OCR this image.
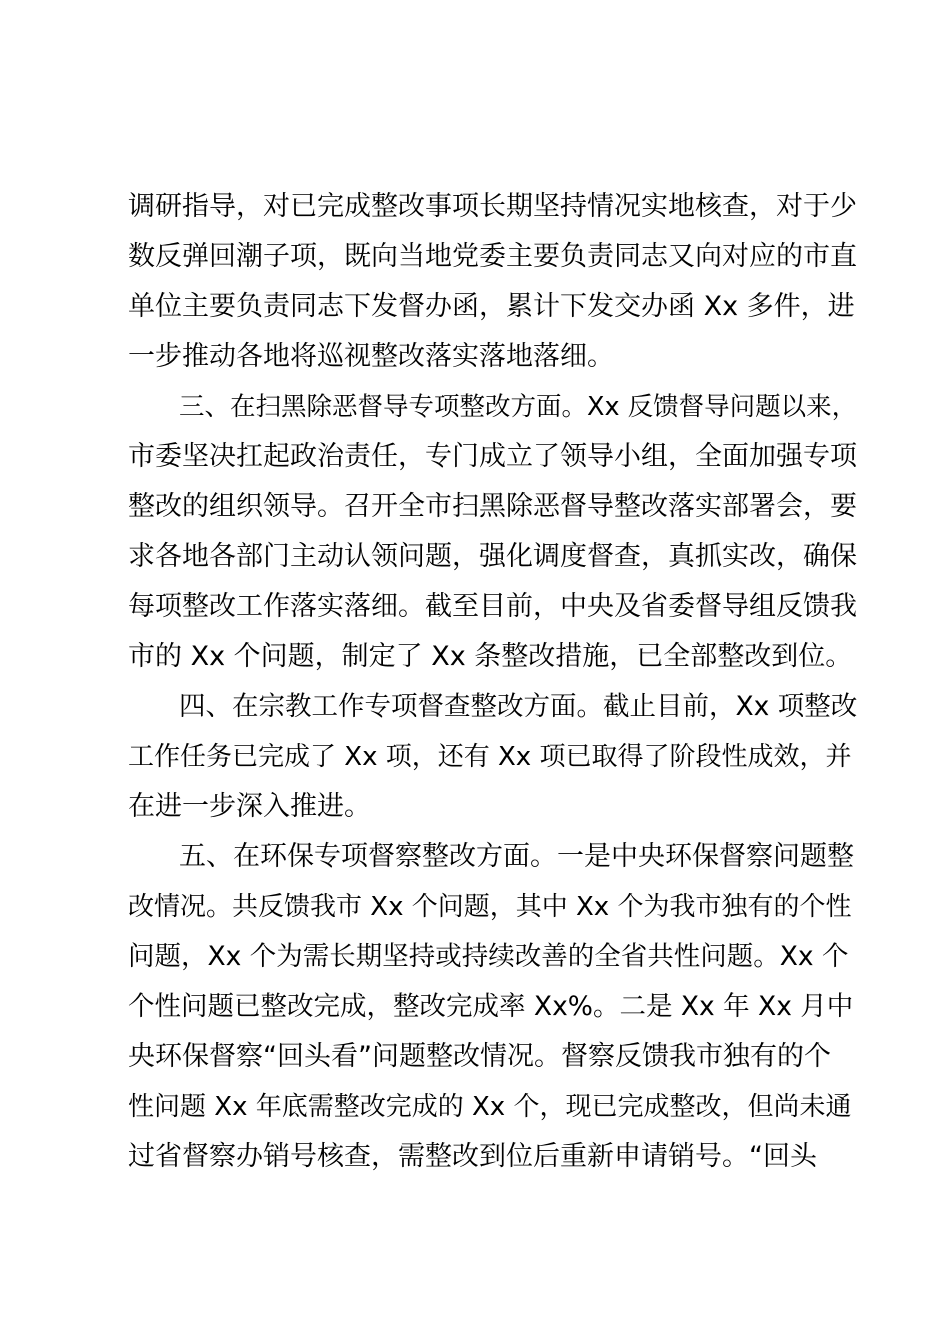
调研指导，对已完成整改事项长期坚持情况实地核查，对于少
数反弹回潮子项，既向当地党委主要负责同志又向对应的市直
单位主要负责同志下发督办函，累计下发交办函 Xx 多件，进
一步推动各地将巡视整改落实落地落细。
三、在扫黑除恶督导专项整改方面。Xx 反馈督导问题以来，
市委坚决扛起政治责任，专门成立了领导小组，全面加强专项
整改的组织领导。召开全市扫黑除恶督导整改落实部署会，要
求各地各部门主动认领问题，强化调度督查，真抓实改，确保
每项整改工作落实落细。截至目前，中央及省委督导组反馈我
市的 Xx 个问题，制定了 Xx 条整改措施，已全部整改到位。
四、在宗教工作专项督查整改方面。截止目前，Xx 项整改
工作任务已完成了 Xx 项，还有 Xx 项已取得了阶段性成效，并
在进一步深入推进。
五、在环保专项督察整改方面。一是中央环保督察问题整
改情况。共反馈我市 Xx 个问题，其中 Xx 个为我市独有的个性
问题，Xx 个为需长期坚持或持续改善的全省共性问题。Xx 个
个性问题已整改完成，整改完成率 Xx%。二是 Xx 年 Xx 月中
央环保督察“回头看”问题整改情况。督察反馈我市独有的个
性问题 Xx 年底需整改完成的 Xx 个，现已完成整改，但尚未通
过省督察办销号核查，需整改到位后重新申请销号。“回头
